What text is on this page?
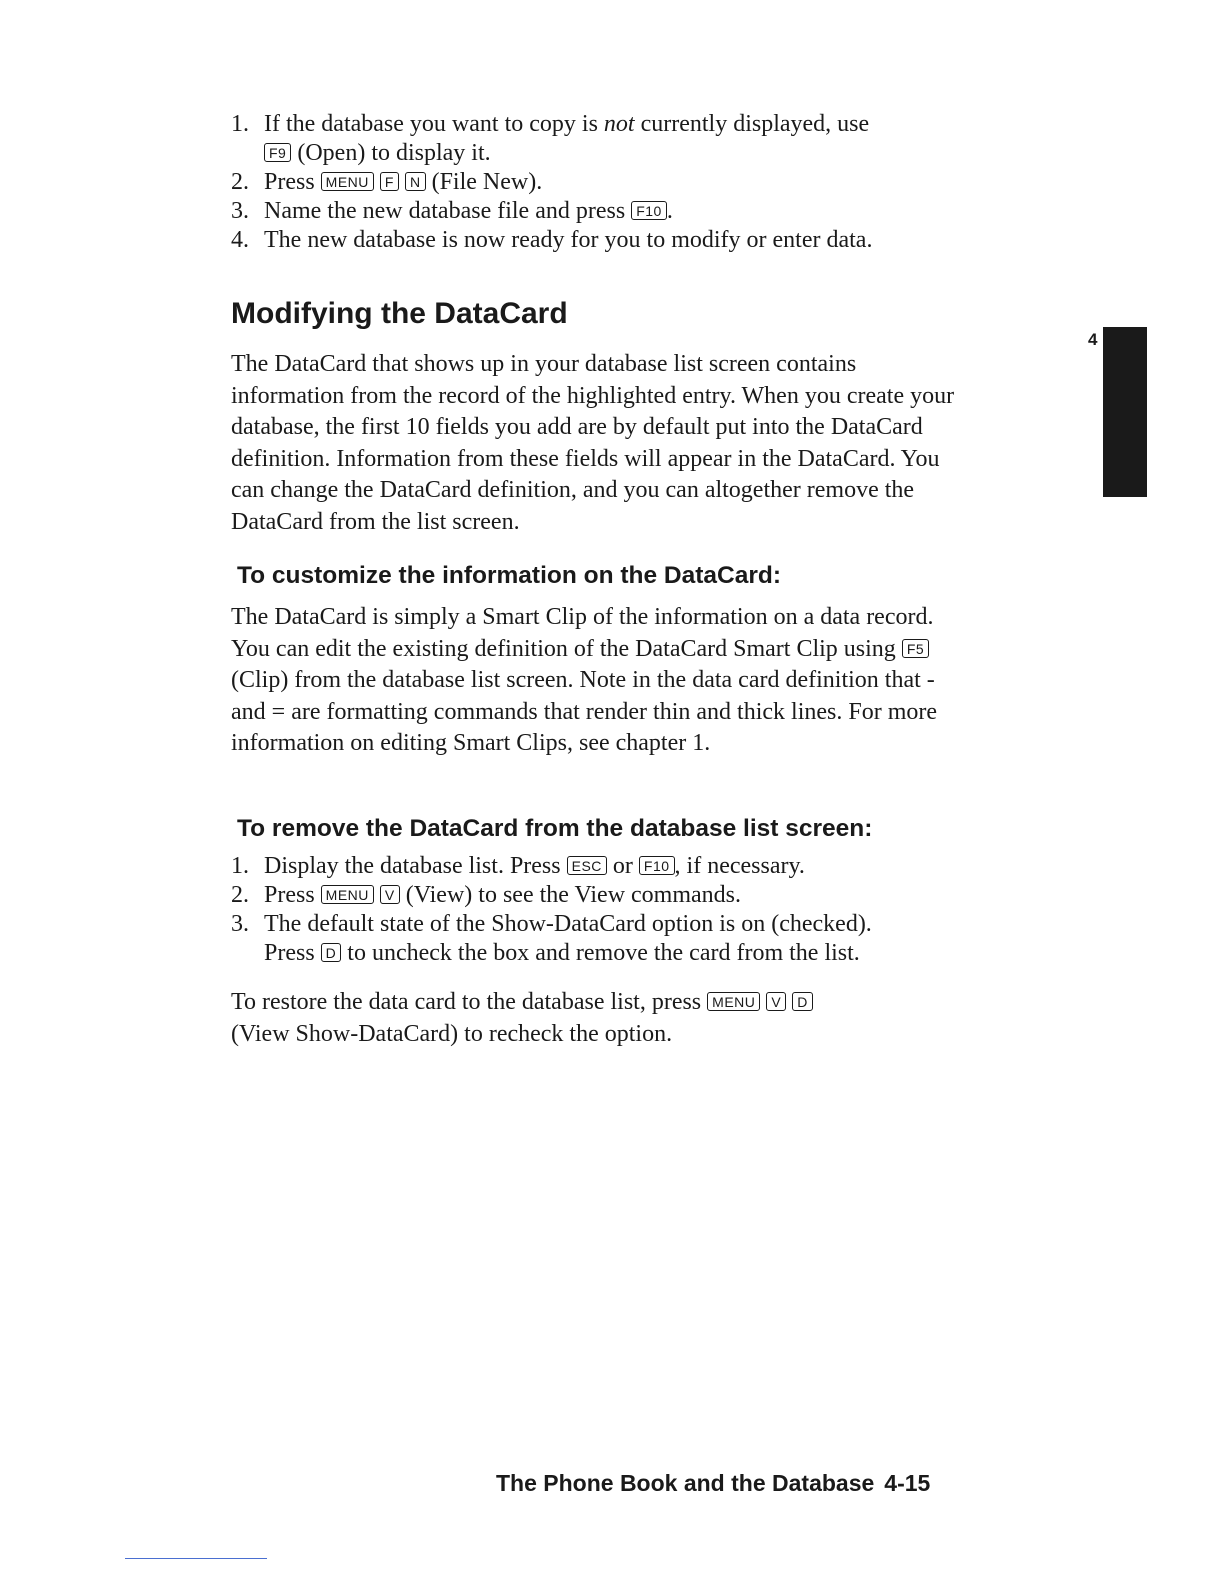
4
1. If the database you want to copy is not currently displayed, use
F9 (Open) to display it.
2. Press MENU F N (File New).
3. Name the new database file and press F10 .
4. The new database is now ready for you to modify or enter data.
Modifying the DataCard
The DataCard that shows up in your database list screen contains information from the record of the highlighted entry. When you create your database, the first 10 fields you add are by default put into the DataCard definition. Information from these fields will appear in the DataCard. You can change the DataCard definition, and you can altogether remove the DataCard from the list screen.
To customize the information on the DataCard:
The DataCard is simply a Smart Clip of the information on a data record. You can edit the existing definition of the DataCard Smart Clip using F5 (Clip) from the database list screen. Note in the data card definition that - and = are formatting commands that render thin and thick lines. For more information on editing Smart Clips, see chapter 1.
To remove the DataCard from the database list screen:
1. Display the database list. Press ESC or F10 , if necessary.
2. Press MENU V (View) to see the View commands.
3. The default state of the Show-DataCard option is on (checked).
Press D to uncheck the box and remove the card from the list.
To restore the data card to the database list, press MENU V D
(View Show-DataCard) to recheck the option.
The Phone Book and the Database 4-15
